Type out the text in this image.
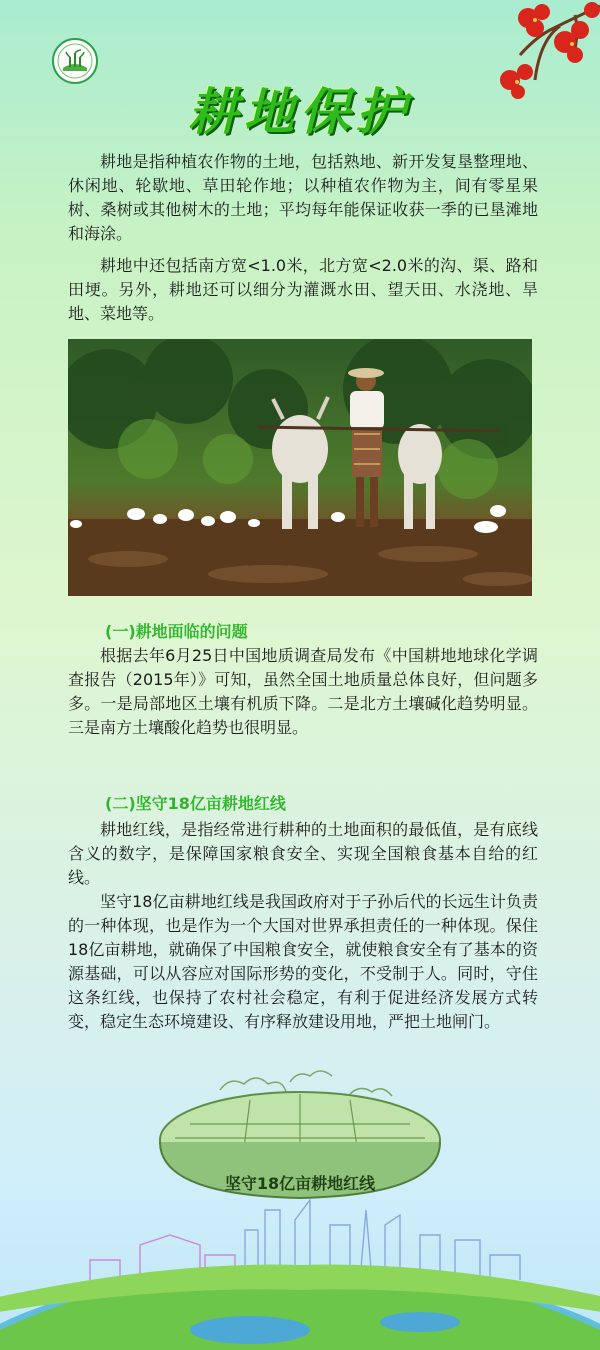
耕地保护

耕地是指种植农作物的土地，包括熟地、新开发复垦整理地、休闲地、轮歇地、草田轮作地；以种植农作物为主，间有零星果树、桑树或其他树木的土地；平均每年能保证收获一季的已垦滩地和海涂。

耕地中还包括南方宽<1.0米，北方宽<2.0米的沟、渠、路和田埂。另外，耕地还可以细分为灌溉水田、望天田、水浇地、旱地、菜地等。

(一)耕地面临的问题

根据去年6月25日中国地质调查局发布《中国耕地地球化学调查报告（2015年）》可知，虽然全国土地质量总体良好，但问题多多。一是局部地区土壤有机质下降。二是北方土壤碱化趋势明显。三是南方土壤酸化趋势也很明显。

(二)坚守18亿亩耕地红线

耕地红线，是指经常进行耕种的土地面积的最低值，是有底线含义的数字，是保障国家粮食安全、实现全国粮食基本自给的红线。

坚守18亿亩耕地红线是我国政府对于子孙后代的长远生计负责的一种体现，也是作为一个大国对世界承担责任的一种体现。保住18亿亩耕地，就确保了中国粮食安全，就使粮食安全有了基本的资源基础，可以从容应对国际形势的变化，不受制于人。同时，守住这条红线，也保持了农村社会稳定，有利于促进经济发展方式转变，稳定生态环境建设、有序释放建设用地，严把土地闸门。

坚守18亿亩耕地红线
